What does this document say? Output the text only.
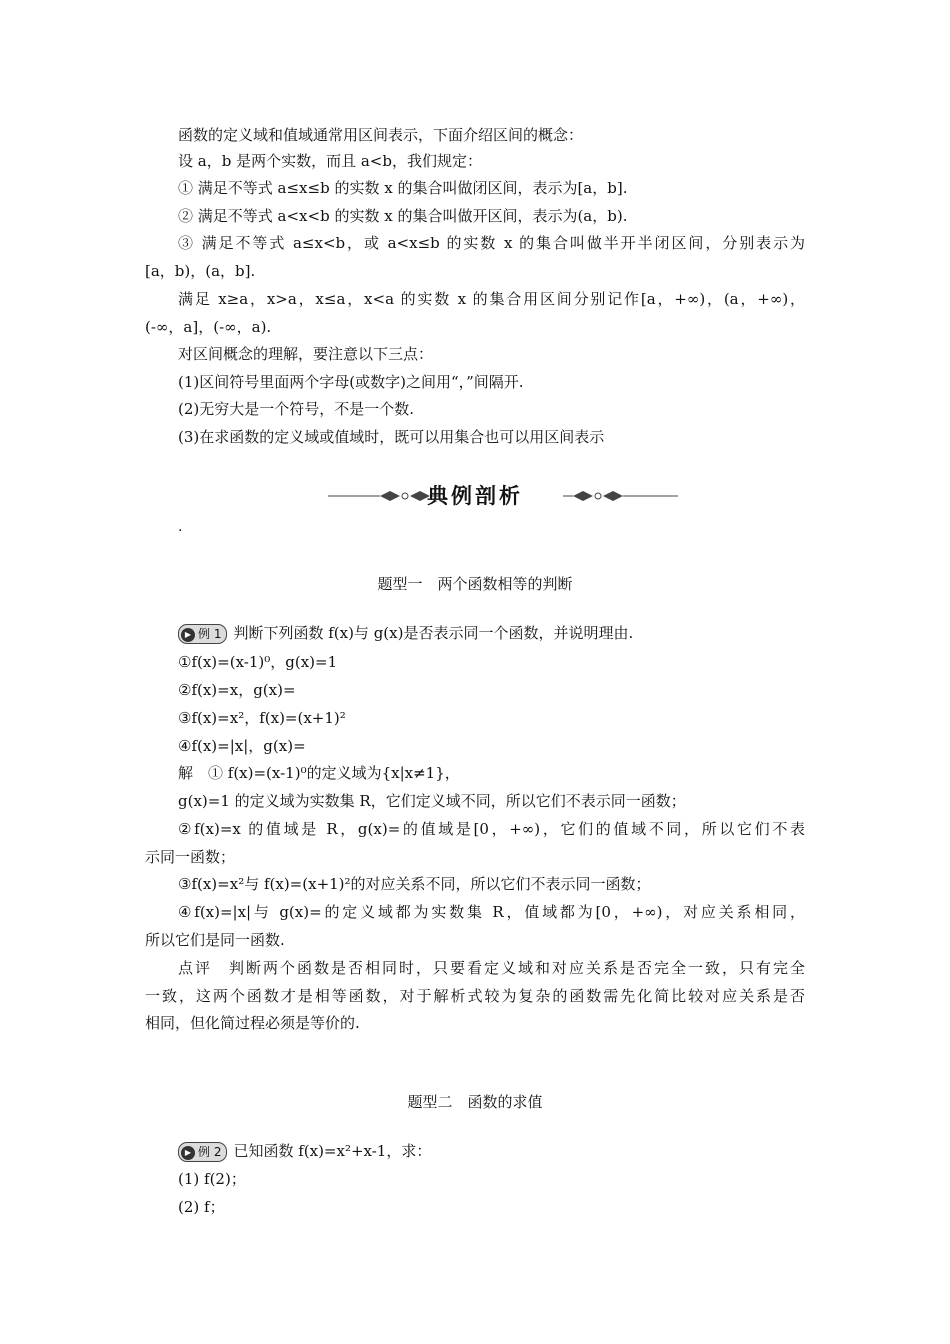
函数的定义域和值域通常用区间表示，下面介绍区间的概念：
设 a，b 是两个实数，而且 a<b，我们规定：
① 满足不等式 a≤x≤b 的实数 x 的集合叫做闭区间，表示为[a，b].
② 满足不等式 a<x<b 的实数 x 的集合叫做开区间，表示为(a，b).
③ 满足不等式 a≤x<b，或 a<x≤b 的实数 x 的集合叫做半开半闭区间，分别表示为
[a，b)，(a，b].
满足 x≥a，x>a，x≤a，x<a 的实数 x 的集合用区间分别记作[a，+∞)，(a，+∞)，
(-∞，a]，(-∞，a).
对区间概念的理解，要注意以下三点：
(1)区间符号里面两个字母(或数字)之间用“，”间隔开.
(2)无穷大是一个符号，不是一个数.
(3)在求函数的定义域或值域时，既可以用集合也可以用区间表示
典例剖析
.
题型一　两个函数相等的判断
▶ 例 1 判断下列函数 f(x)与 g(x)是否表示同一个函数，并说明理由.
①f(x)=(x-1)⁰，g(x)=1
②f(x)=x，g(x)=
③f(x)=x²，f(x)=(x+1)²
④f(x)=|x|，g(x)=
解　① f(x)=(x-1)⁰的定义域为{x|x≠1}，
g(x)=1 的定义域为实数集 R，它们定义域不同，所以它们不表示同一函数；
②f(x)=x 的值域是 R，g(x)=的值域是[0，+∞)，它们的值域不同，所以它们不表
示同一函数；
③f(x)=x²与 f(x)=(x+1)²的对应关系不同，所以它们不表示同一函数；
④f(x)=|x|与 g(x)=的定义域都为实数集 R，值域都为[0，+∞)，对应关系相同，
所以它们是同一函数.
点评　判断两个函数是否相同时，只要看定义域和对应关系是否完全一致，只有完全
一致，这两个函数才是相等函数，对于解析式较为复杂的函数需先化简比较对应关系是否
相同，但化简过程必须是等价的.
题型二　函数的求值
▶ 例 2 已知函数 f(x)=x²+x-1，求：
(1) f(2)；
(2) f；
